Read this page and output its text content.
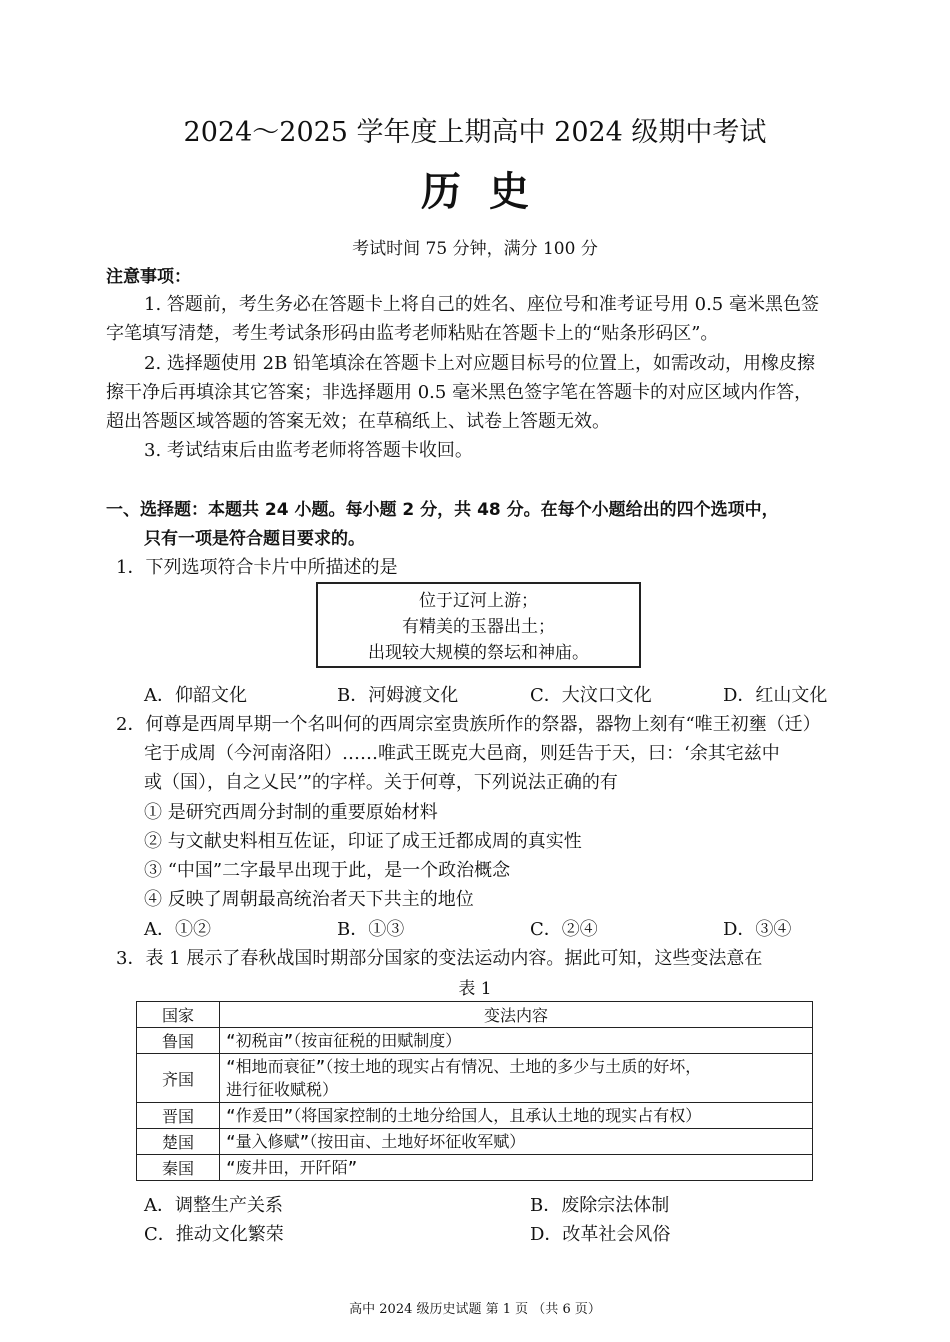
2024～2025 学年度上期高中 2024 级期中考试
历史
考试时间 75 分钟，满分 100 分
注意事项：
1. 答题前，考生务必在答题卡上将自己的姓名、座位号和准考证号用 0.5 毫米黑色签
字笔填写清楚，考生考试条形码由监考老师粘贴在答题卡上的“贴条形码区”。
2. 选择题使用 2B 铅笔填涂在答题卡上对应题目标号的位置上，如需改动，用橡皮擦
擦干净后再填涂其它答案；非选择题用 0.5 毫米黑色签字笔在答题卡的对应区域内作答，
超出答题区域答题的答案无效；在草稿纸上、试卷上答题无效。
3. 考试结束后由监考老师将答题卡收回。
一、选择题：本题共 24 小题。每小题 2 分，共 48 分。在每个小题给出的四个选项中，
只有一项是符合题目要求的。
1．下列选项符合卡片中所描述的是
位于辽河上游；
有精美的玉器出土；
出现较大规模的祭坛和神庙。
A．仰韶文化	B．河姆渡文化	C．大汶口文化	D．红山文化
2．何尊是西周早期一个名叫何的西周宗室贵族所作的祭器，器物上刻有“唯王初壅（迁）
宅于成周（今河南洛阳）……唯武王既克大邑商，则廷告于天，曰：‘余其宅兹中
或（国），自之乂民’”的字样。关于何尊，下列说法正确的有
① 是研究西周分封制的重要原始材料
② 与文献史料相互佐证，印证了成王迁都成周的真实性
③ “中国”二字最早出现于此，是一个政治概念
④ 反映了周朝最高统治者天下共主的地位
A．①②	B．①③	C．②④	D．③④
3．表 1 展示了春秋战国时期部分国家的变法运动内容。据此可知，这些变法意在
表 1
国家	变法内容
鲁国	“初税亩”（按亩征税的田赋制度）
齐国	“相地而衰征”（按土地的现实占有情况、土地的多少与土质的好坏，
进行征收赋税）

晋国	“作爰田”（将国家控制的土地分给国人，且承认土地的现实占有权）
楚国	“量入修赋”（按田亩、土地好坏征收军赋）
秦国	“废井田，开阡陌”
A．调整生产关系	B．废除宗法体制
C．推动文化繁荣	D．改革社会风俗
高中 2024 级历史试题 第 1 页 （共 6 页）
